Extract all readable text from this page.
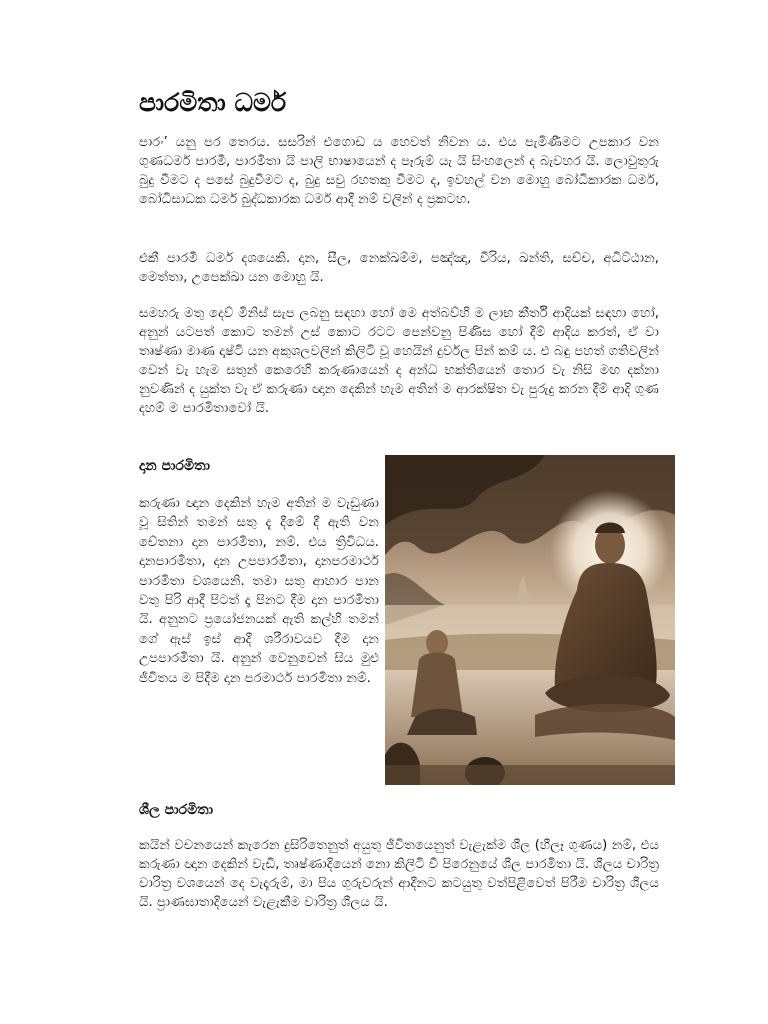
පාරමිතා ධර්ම

පාරං’ යනු පර තෙරය. සසරින් එගොඩ ය හෙවත් නිවන ය. එය පැමිණීමට උපකාර වන ගුණධර්ම පාරමී, පාරමිතා යි පාලි භාෂායෙන් ද පෑරුම් යැ යි සිංහලෙන් ද බැවහර යි. ලොවුතුරු බුදු වීමට ද පසේ බුදුවීමට ද, බුදු සවු රහතකු වීමට ද, ඉවහල් වන මොහු බෝධිකාරක ධර්ම, බෝධිසාධක ධර්ම බුද්ධකාරක ධර්ම ආදී නම් වලින් ද ප්‍රකටහ.

එකී පාරමී ධර්ම දශයෙකි. දාන, සීල, නෙක්ඛම්ම, පඤ්ඤා, වීරිය, ඛන්ති, සච්ච, අධිට්ඨාන, මෙත්තා, උපෙක්ඛා යන මොහු යි.

සමහරු මතු දෙව් මිනිස් සැප ලබනු සඳහා හෝ මෙ අත්බව්හි ම ලාභ කීර්ති ආදියක් සඳහා හෝ, අනුන් යටපත් කොට තමන් උස් කොට රටට පෙන්වනු පිණිස හෝ දීම් ආදිය කරත්, ඒ වා තෘෂ්ණා මාණ දෘෂ්ටි යන අකුශලවලින් කිලිටි වූ හෙයින් දුර්වල පින් කම් ය. එ බඳු පහත් ගතිවලින් වෙන් වැ හැම සතුන් කෙරෙහි කරුණායෙන් ද අන්ධ භක්තියෙන් තොර වැ නිසි මඟ දක්නා නුවණින් ද යුක්ත වැ ඒ කරුණා ඥාන දෙකින් හැම අතින් ම ආරක්ෂිත වැ පුරුදු කරන දීම් ආදි ගුණ දහම් ම පාරමිතාවෝ යි.

දාන පාරමිතා

කරුණා ඥාන දෙකින් හැම අතින් ම වැඩුණා වූ සිතින් තමන් සතු දැ දීමේ දී ඇති වන චේතනා දාන පාරමිතා, නම්. එය ත්‍රිවිධය. දානපාරමිතා, දාන උපපාරමිතා, දානපරමාර්ථ පාරමිතා වශයෙනි. තමා සතු ආහාර පාන වතු පිරි ආදී පිටත් දෑ පිනට දීම දාන පාරමිතා යි. අනුනට ප්‍රයෝජනයක් ඇති කල්හි තමන් ගේ ඇස් ඉස් ආදී ශරීරාවයව දීම දාන උපපාරමිතා යි. අනුන් වෙනුවෙන් සිය මුළු ජීවිතය ම පිදීම දාන පරමාර්ථ පාරමිතා නම්.

ශීල පාරමිතා

කයින් වචනයෙන් කැරෙන දුසිරිතෙනුත් අයුතු ජීවිතයෙනුත් වැළැක්ම ශීල (හීලෑ ගුණය) නම්, එය කරුණා ඥාන දෙකින් වැඩි, තෘෂ්ණාදියෙන් නො කිලිටි වී පිරෙනුයේ ශීල පාරමිතා යි. ශීලය චාරිත්‍ර වාරිත්‍ර වශයෙන් දෙ වැදෑරුම්, මා පිය ගුරුවරුන් ආදීනට කටයුතු වත්පිළිවෙත් පිරීම චාරිත්‍ර ශීලය යි. ප්‍රාණඝාතාදියෙන් වැළැකීම වාරිත්‍ර ශීලය යි.
